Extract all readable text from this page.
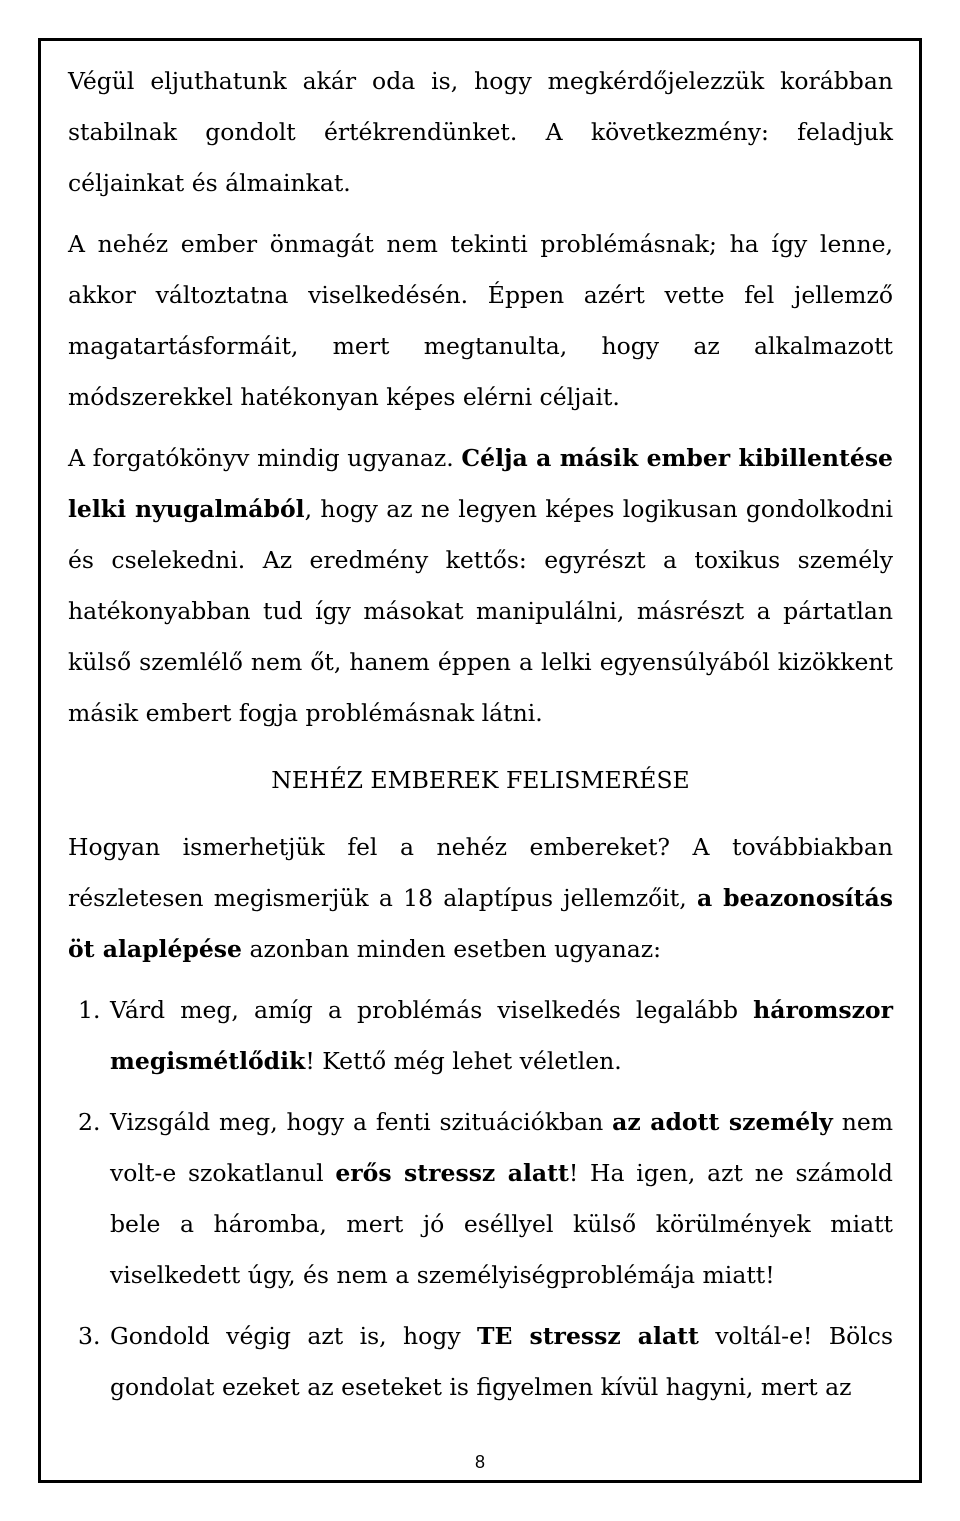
Végül eljuthatunk akár oda is, hogy megkérdőjelezzük korábban stabilnak gondolt értékrendünket. A következmény: feladjuk céljainkat és álmainkat.

A nehéz ember önmagát nem tekinti problémásnak; ha így lenne, akkor változtatna viselkedésén. Éppen azért vette fel jellemző magatartásformáit, mert megtanulta, hogy az alkalmazott módszerekkel hatékonyan képes elérni céljait.

A forgatókönyv mindig ugyanaz. Célja a másik ember kibillentése lelki nyugalmából, hogy az ne legyen képes logikusan gondolkodni és cselekedni. Az eredmény kettős: egyrészt a toxikus személy hatékonyabban tud így másokat manipulálni, másrészt a pártatlan külső szemlélő nem őt, hanem éppen a lelki egyensúlyából kizökkent másik embert fogja problémásnak látni.

NEHÉZ EMBEREK FELISMERÉSE

Hogyan ismerhetjük fel a nehéz embereket? A továbbiakban részletesen megismerjük a 18 alaptípus jellemzőit, a beazonosítás öt alaplépése azonban minden esetben ugyanaz:

1. Várd meg, amíg a problémás viselkedés legalább háromszor megismétlődik! Kettő még lehet véletlen.
2. Vizsgáld meg, hogy a fenti szituációkban az adott személy nem volt-e szokatlanul erős stressz alatt! Ha igen, azt ne számold bele a háromba, mert jó eséllyel külső körülmények miatt viselkedett úgy, és nem a személyiségproblémája miatt!
3. Gondold végig azt is, hogy TE stressz alatt voltál-e! Bölcs gondolat ezeket az eseteket is figyelmen kívül hagyni, mert az
8
